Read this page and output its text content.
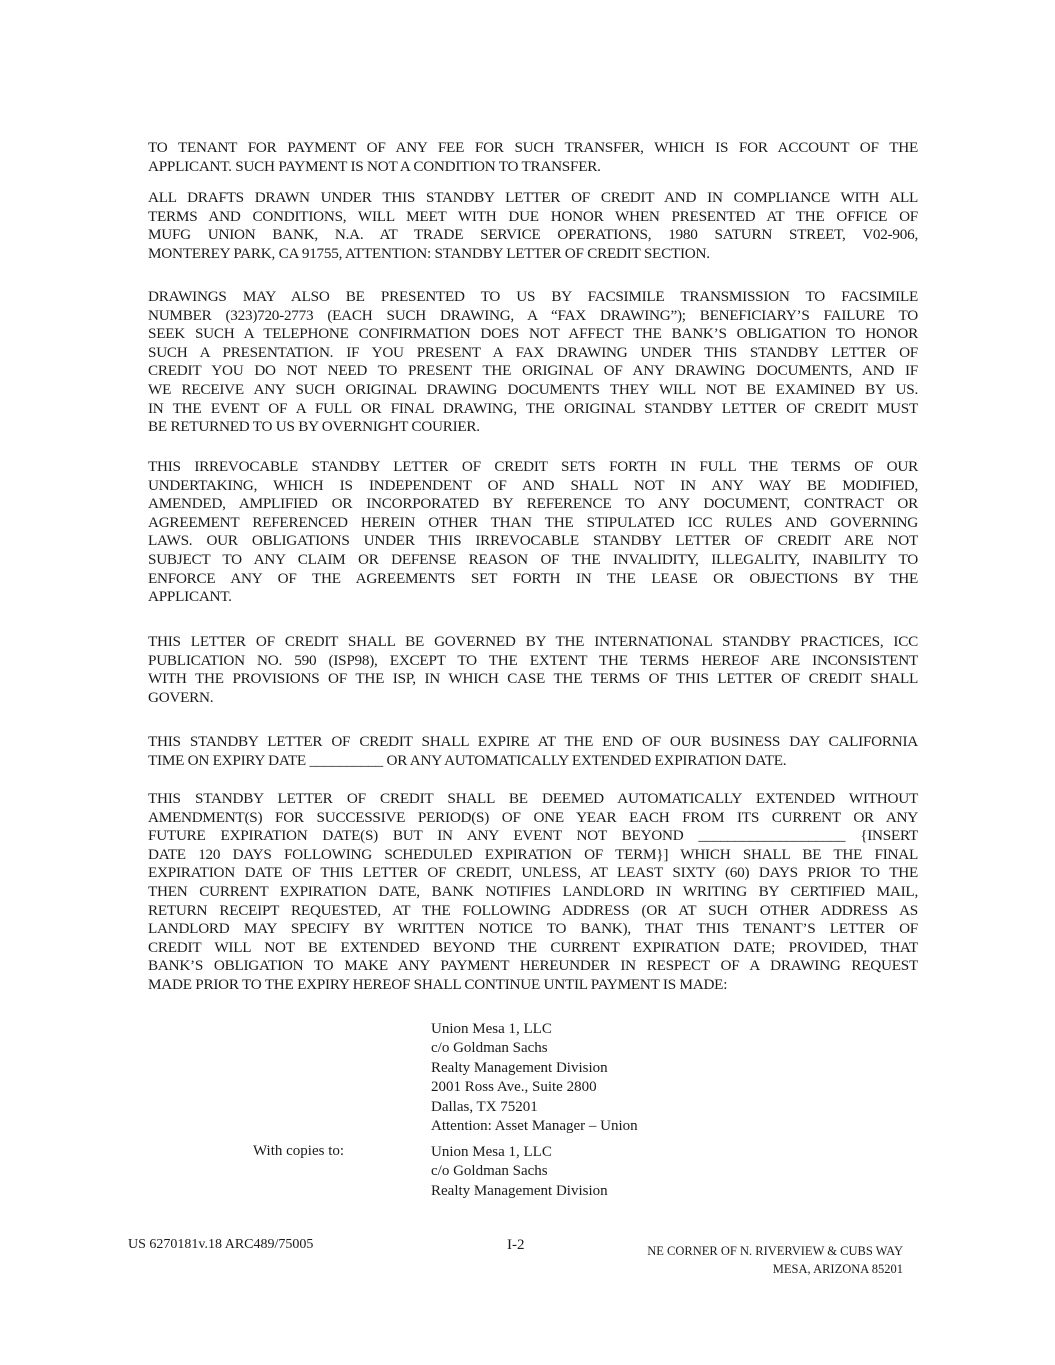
TO TENANT FOR PAYMENT OF ANY FEE FOR SUCH TRANSFER, WHICH IS FOR ACCOUNT OF THE
APPLICANT. SUCH PAYMENT IS NOT A CONDITION TO TRANSFER.
ALL DRAFTS DRAWN UNDER THIS STANDBY LETTER OF CREDIT AND IN COMPLIANCE WITH ALL
TERMS AND CONDITIONS, WILL MEET WITH DUE HONOR WHEN PRESENTED AT THE OFFICE OF
MUFG UNION BANK, N.A. AT TRADE SERVICE OPERATIONS, 1980 SATURN STREET, V02-906,
MONTEREY PARK, CA 91755, ATTENTION: STANDBY LETTER OF CREDIT SECTION.
DRAWINGS MAY ALSO BE PRESENTED TO US BY FACSIMILE TRANSMISSION TO FACSIMILE
NUMBER (323)720-2773 (EACH SUCH DRAWING, A “FAX DRAWING”); BENEFICIARY’S FAILURE TO
SEEK SUCH A TELEPHONE CONFIRMATION DOES NOT AFFECT THE BANK’S OBLIGATION TO HONOR
SUCH A PRESENTATION. IF YOU PRESENT A FAX DRAWING UNDER THIS STANDBY LETTER OF
CREDIT YOU DO NOT NEED TO PRESENT THE ORIGINAL OF ANY DRAWING DOCUMENTS, AND IF
WE RECEIVE ANY SUCH ORIGINAL DRAWING DOCUMENTS THEY WILL NOT BE EXAMINED BY US.
IN THE EVENT OF A FULL OR FINAL DRAWING, THE ORIGINAL STANDBY LETTER OF CREDIT MUST
BE RETURNED TO US BY OVERNIGHT COURIER.
THIS IRREVOCABLE STANDBY LETTER OF CREDIT SETS FORTH IN FULL THE TERMS OF OUR
UNDERTAKING, WHICH IS INDEPENDENT OF AND SHALL NOT IN ANY WAY BE MODIFIED,
AMENDED, AMPLIFIED OR INCORPORATED BY REFERENCE TO ANY DOCUMENT, CONTRACT OR
AGREEMENT REFERENCED HEREIN OTHER THAN THE STIPULATED ICC RULES AND GOVERNING
LAWS. OUR OBLIGATIONS UNDER THIS IRREVOCABLE STANDBY LETTER OF CREDIT ARE NOT
SUBJECT TO ANY CLAIM OR DEFENSE REASON OF THE INVALIDITY, ILLEGALITY, INABILITY TO
ENFORCE ANY OF THE AGREEMENTS SET FORTH IN THE LEASE OR OBJECTIONS BY THE
APPLICANT.
THIS LETTER OF CREDIT SHALL BE GOVERNED BY THE INTERNATIONAL STANDBY PRACTICES, ICC
PUBLICATION NO. 590 (ISP98), EXCEPT TO THE EXTENT THE TERMS HEREOF ARE INCONSISTENT
WITH THE PROVISIONS OF THE ISP, IN WHICH CASE THE TERMS OF THIS LETTER OF CREDIT SHALL
GOVERN.
THIS STANDBY LETTER OF CREDIT SHALL EXPIRE AT THE END OF OUR BUSINESS DAY CALIFORNIA
TIME ON EXPIRY DATE __________ OR ANY AUTOMATICALLY EXTENDED EXPIRATION DATE.
THIS STANDBY LETTER OF CREDIT SHALL BE DEEMED AUTOMATICALLY EXTENDED WITHOUT
AMENDMENT(S) FOR SUCCESSIVE PERIOD(S) OF ONE YEAR EACH FROM ITS CURRENT OR ANY
FUTURE EXPIRATION DATE(S) BUT IN ANY EVENT NOT BEYOND ____________________ {INSERT
DATE 120 DAYS FOLLOWING SCHEDULED EXPIRATION OF TERM}] WHICH SHALL BE THE FINAL
EXPIRATION DATE OF THIS LETTER OF CREDIT, UNLESS, AT LEAST SIXTY (60) DAYS PRIOR TO THE
THEN CURRENT EXPIRATION DATE, BANK NOTIFIES LANDLORD IN WRITING BY CERTIFIED MAIL,
RETURN RECEIPT REQUESTED, AT THE FOLLOWING ADDRESS (OR AT SUCH OTHER ADDRESS AS
LANDLORD MAY SPECIFY BY WRITTEN NOTICE TO BANK), THAT THIS TENANT’S LETTER OF
CREDIT WILL NOT BE EXTENDED BEYOND THE CURRENT EXPIRATION DATE; PROVIDED, THAT
BANK’S OBLIGATION TO MAKE ANY PAYMENT HEREUNDER IN RESPECT OF A DRAWING REQUEST
MADE PRIOR TO THE EXPIRY HEREOF SHALL CONTINUE UNTIL PAYMENT IS MADE:
Union Mesa 1, LLC
c/o Goldman Sachs
Realty Management Division
2001 Ross Ave., Suite 2800
Dallas, TX 75201
Attention: Asset Manager – Union
With copies to:	Union Mesa 1, LLC
c/o Goldman Sachs
Realty Management Division
US 6270181v.18 ARC489/75005	I-2	NE CORNER OF N. RIVERVIEW & CUBS WAY
MESA, ARIZONA 85201
